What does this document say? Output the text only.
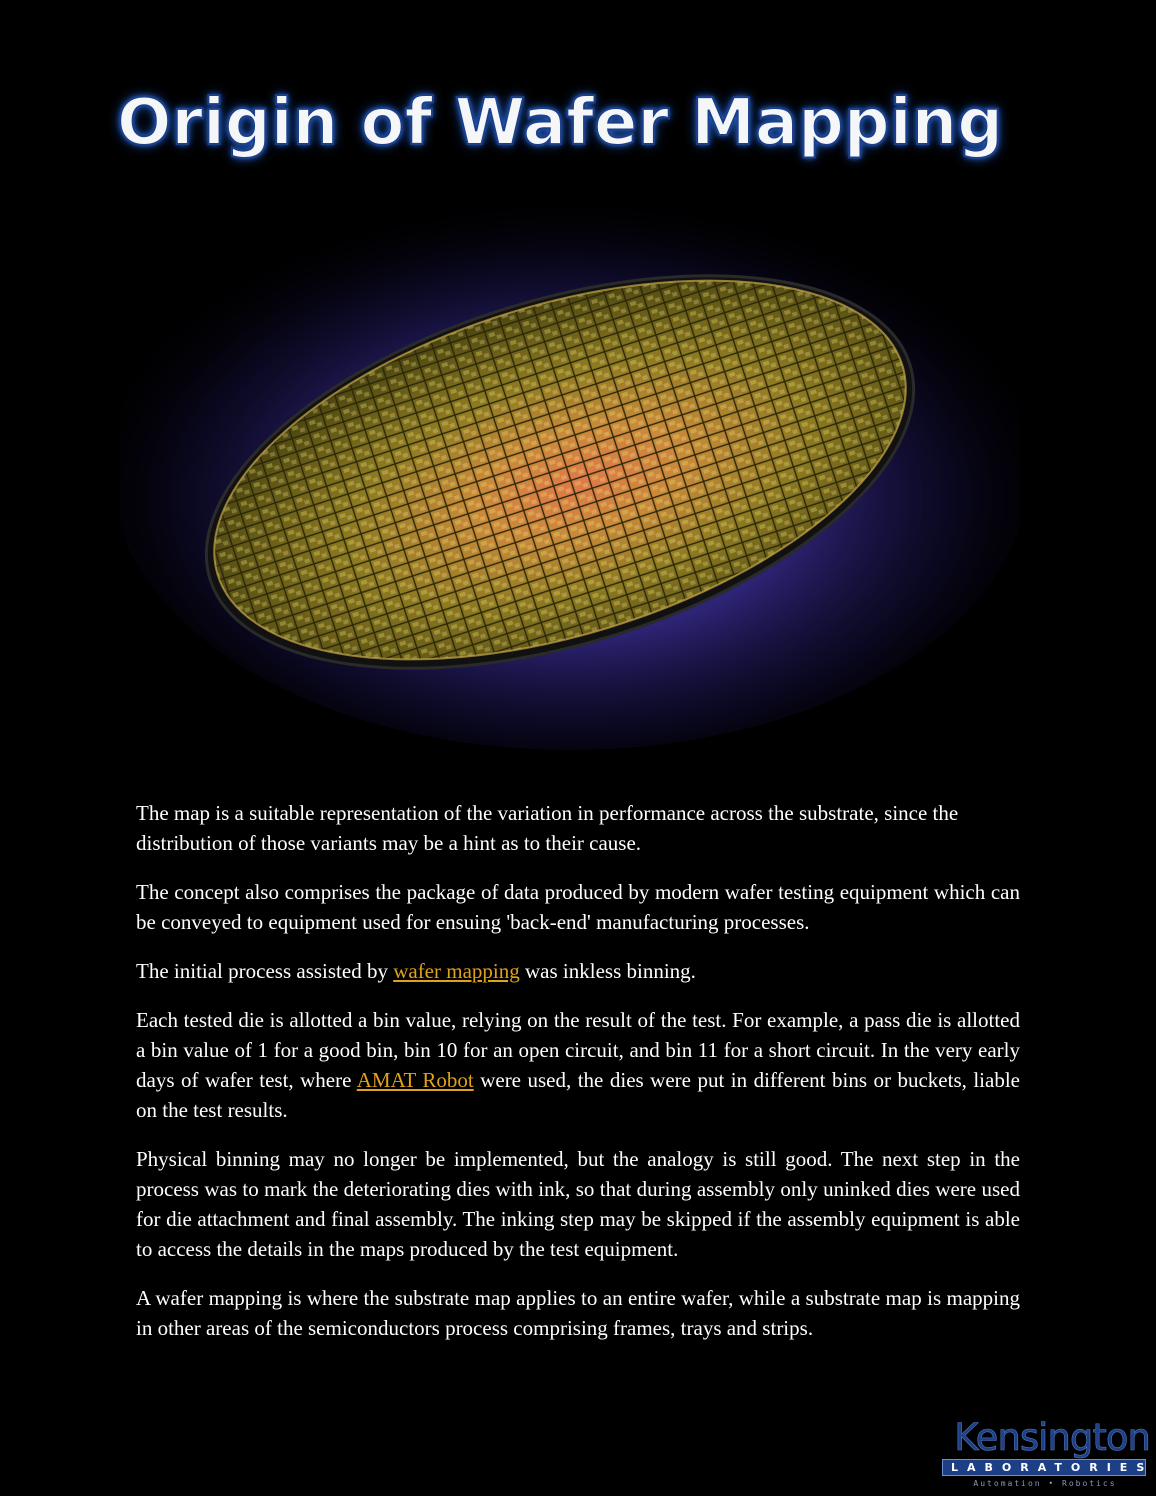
Origin of Wafer Mapping

The map is a suitable representation of the variation in performance across the substrate, since the distribution of those variants may be a hint as to their cause.

The concept also comprises the package of data produced by modern wafer testing equipment which can be conveyed to equipment used for ensuing 'back-end' manufacturing processes.

The initial process assisted by wafer mapping was inkless binning.

Each tested die is allotted a bin value, relying on the result of the test. For example, a pass die is allotted a bin value of 1 for a good bin, bin 10 for an open circuit, and bin 11 for a short circuit. In the very early days of wafer test, where AMAT Robot were used, the dies were put in different bins or buckets, liable on the test results.

Physical binning may no longer be implemented, but the analogy is still good. The next step in the process was to mark the deteriorating dies with ink, so that during assembly only uninked dies were used for die attachment and final assembly. The inking step may be skipped if the assembly equipment is able to access the details in the maps produced by the test equipment.

A wafer mapping is where the substrate map applies to an entire wafer, while a substrate map is mapping in other areas of the semiconductors process comprising frames, trays and strips.

Kensington
LABORATORIES
Automation • Robotics
